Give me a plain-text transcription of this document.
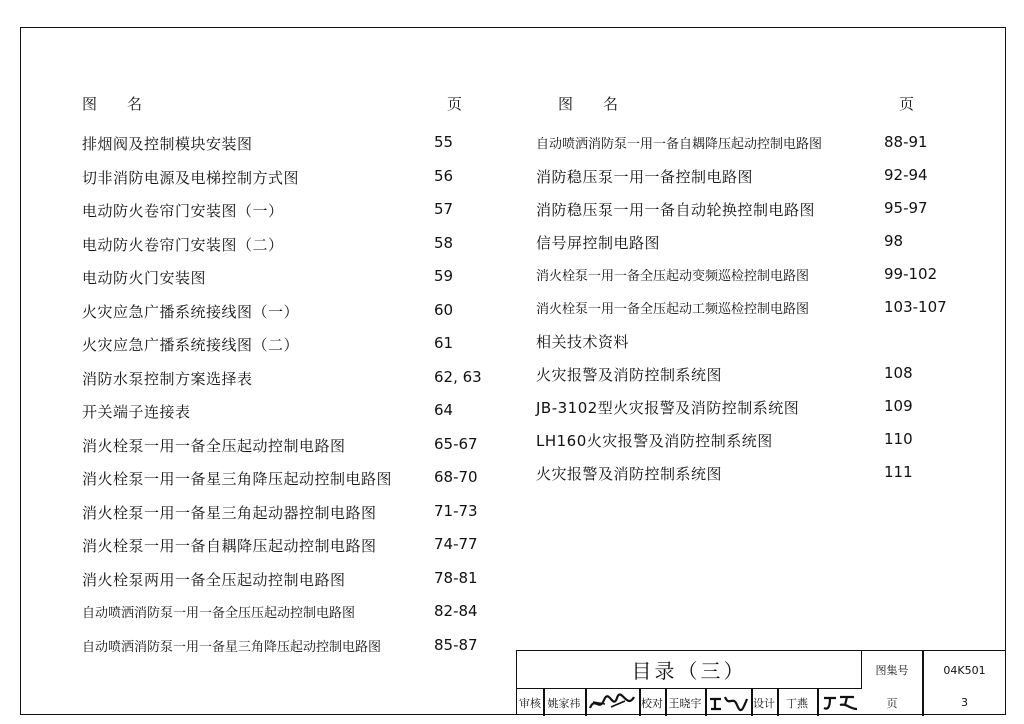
图　　名	页
排烟阀及控制模块安装图	55
切非消防电源及电梯控制方式图	56
电动防火卷帘门安装图（一）	57
电动防火卷帘门安装图（二）	58
电动防火门安装图	59
火灾应急广播系统接线图（一）	60
火灾应急广播系统接线图（二）	61
消防水泵控制方案选择表	62, 63
开关端子连接表	64
消火栓泵一用一备全压起动控制电路图	65-67
消火栓泵一用一备星三角降压起动控制电路图	68-70
消火栓泵一用一备星三角起动器控制电路图	71-73
消火栓泵一用一备自耦降压起动控制电路图	74-77
消火栓泵两用一备全压起动控制电路图	78-81
自动喷洒消防泵一用一备全压压起动控制电路图	82-84
自动喷洒消防泵一用一备星三角降压起动控制电路图	85-87
图　　名	页
自动喷洒消防泵一用一备自耦降压起动控制电路图	88-91
消防稳压泵一用一备控制电路图	92-94
消防稳压泵一用一备自动轮换控制电路图	95-97
信号屏控制电路图	98
消火栓泵一用一备全压起动变频巡检控制电路图	99-102
消火栓泵一用一备全压起动工频巡检控制电路图	103-107
相关技术资料
火灾报警及消防控制系统图	108
JB-3102型火灾报警及消防控制系统图	109
LH160火灾报警及消防控制系统图	110
火灾报警及消防控制系统图	111
目录（三）	图集号	04K501
审核 姚家祎	校对 王晓宇	设计	丁燕	页	3
